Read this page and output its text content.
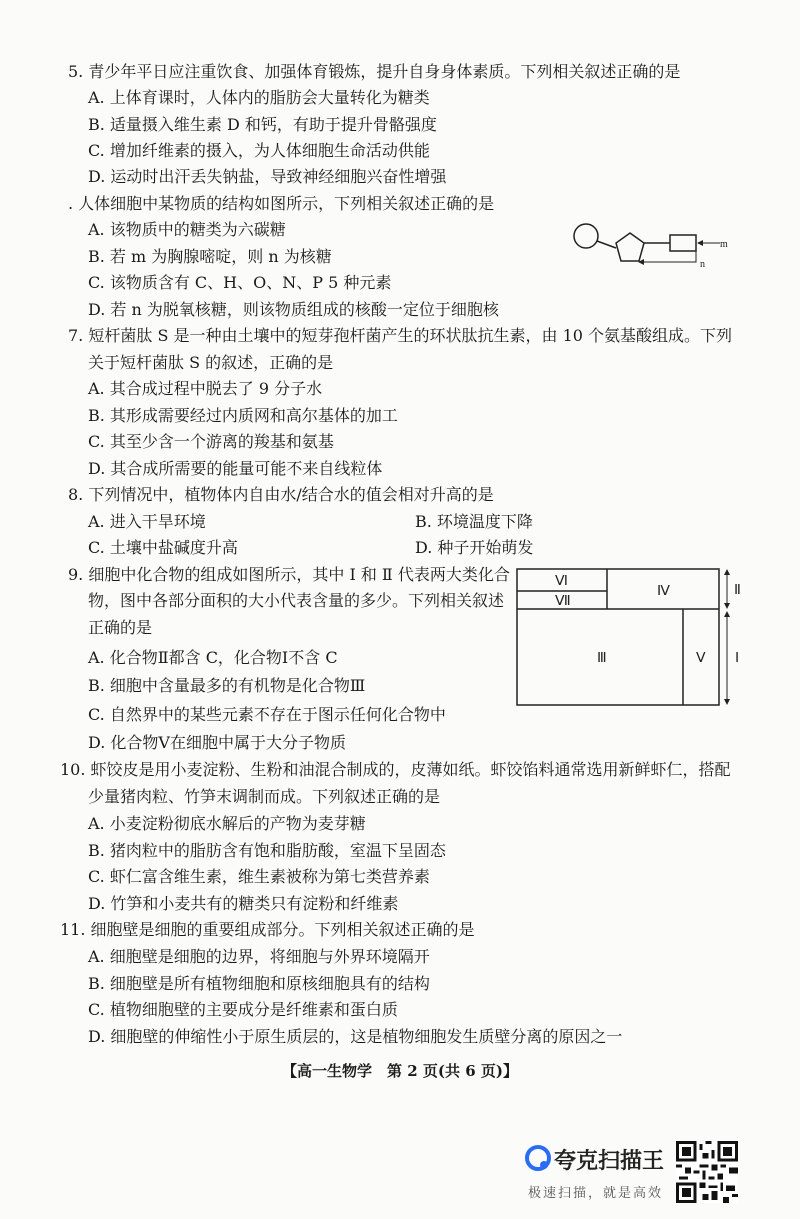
5. 青少年平日应注重饮食、加强体育锻炼，提升自身身体素质。下列相关叙述正确的是
A. 上体育课时，人体内的脂肪会大量转化为糖类
B. 适量摄入维生素 D 和钙，有助于提升骨骼强度
C. 增加纤维素的摄入，为人体细胞生命活动供能
D. 运动时出汗丢失钠盐，导致神经细胞兴奋性增强
. 人体细胞中某物质的结构如图所示，下列相关叙述正确的是
A. 该物质中的糖类为六碳糖
B. 若 m 为胸腺嘧啶，则 n 为核糖
C. 该物质含有 C、H、O、N、P 5 种元素
D. 若 n 为脱氧核糖，则该物质组成的核酸一定位于细胞核
m
n
7. 短杆菌肽 S 是一种由土壤中的短芽孢杆菌产生的环状肽抗生素，由 10 个氨基酸组成。下列
关于短杆菌肽 S 的叙述，正确的是
A. 其合成过程中脱去了 9 分子水
B. 其形成需要经过内质网和高尔基体的加工
C. 其至少含一个游离的羧基和氨基
D. 其合成所需要的能量可能不来自线粒体
8. 下列情况中，植物体内自由水/结合水的值会相对升高的是
A. 进入干旱环境	B. 环境温度下降
C. 土壤中盐碱度升高	D. 种子开始萌发
9. 细胞中化合物的组成如图所示，其中 Ⅰ 和 Ⅱ 代表两大类化合
物，图中各部分面积的大小代表含量的多少。下列相关叙述
正确的是
A. 化合物Ⅱ都含 C，化合物Ⅰ不含 C
B. 细胞中含量最多的有机物是化合物Ⅲ
C. 自然界中的某些元素不存在于图示任何化合物中
D. 化合物Ⅴ在细胞中属于大分子物质
Ⅵ
Ⅶ
Ⅳ
Ⅲ	Ⅴ
Ⅱ
Ⅰ
10. 虾饺皮是用小麦淀粉、生粉和油混合制成的，皮薄如纸。虾饺馅料通常选用新鲜虾仁，搭配
少量猪肉粒、竹笋末调制而成。下列叙述正确的是
A. 小麦淀粉彻底水解后的产物为麦芽糖
B. 猪肉粒中的脂肪含有饱和脂肪酸，室温下呈固态
C. 虾仁富含维生素，维生素被称为第七类营养素
D. 竹笋和小麦共有的糖类只有淀粉和纤维素
11. 细胞壁是细胞的重要组成部分。下列相关叙述正确的是
A. 细胞壁是细胞的边界，将细胞与外界环境隔开
B. 细胞壁是所有植物细胞和原核细胞具有的结构
C. 植物细胞壁的主要成分是纤维素和蛋白质
D. 细胞壁的伸缩性小于原生质层的，这是植物细胞发生质壁分离的原因之一
【高一生物学　第 2 页(共 6 页)】
夸克扫描王
极速扫描，就是高效
